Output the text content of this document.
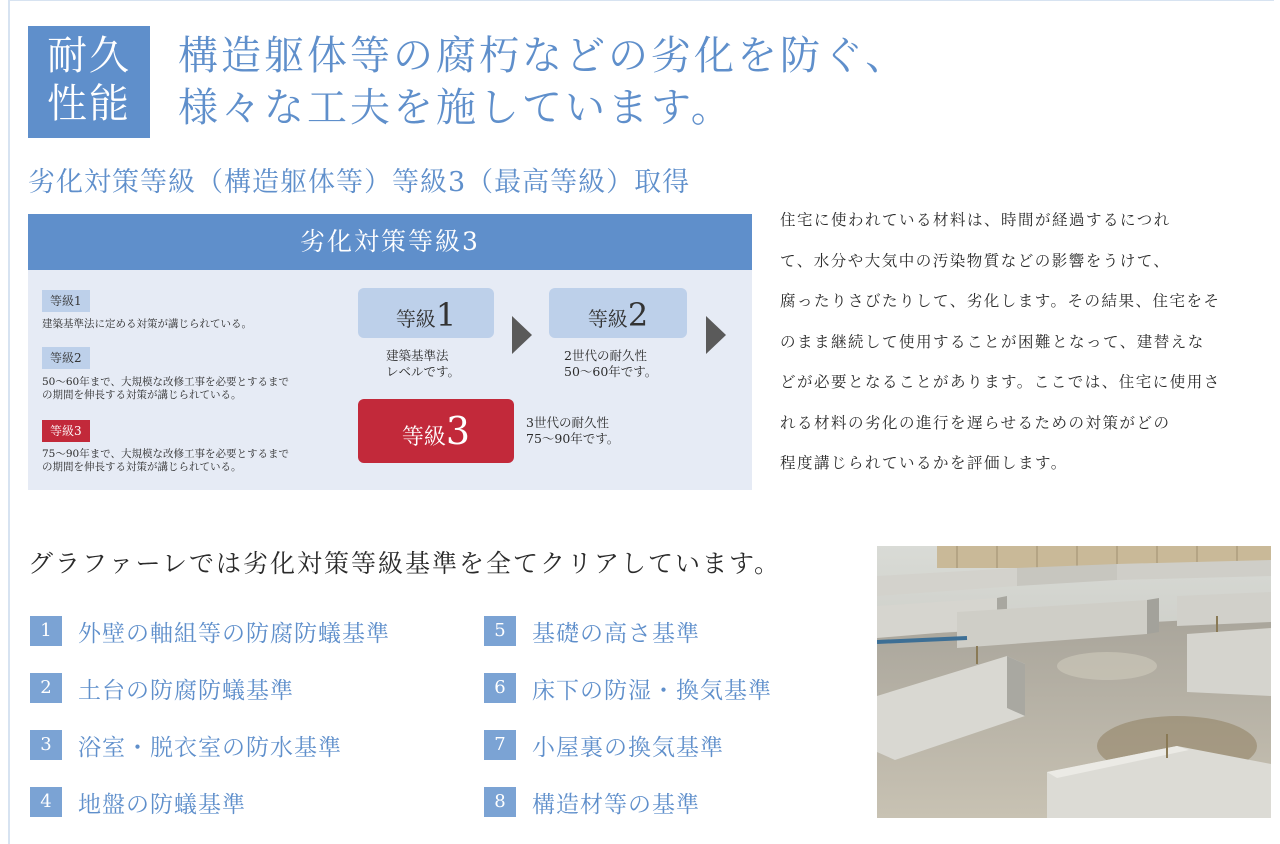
耐久
性能
構造躯体等の腐朽などの劣化を防ぐ、
様々な工夫を施しています。
劣化対策等級（構造躯体等）等級3（最高等級）取得
劣化対策等級3
等級1
建築基準法に定める対策が講じられている。
等級2
50～60年まで、大規模な改修工事を必要とするまで
の期間を伸長する対策が講じられている。
等級3
75～90年まで、大規模な改修工事を必要とするまで
の期間を伸長する対策が講じられている。
等級1
建築基準法
レベルです。
等級2
2世代の耐久性
50～60年です。
等級3	3世代の耐久性
75～90年です。
住宅に使われている材料は、時間が経過するにつれ
て、水分や大気中の汚染物質などの影響をうけて、
腐ったりさびたりして、劣化します。その結果、住宅をそ
のまま継続して使用することが困難となって、建替えな
どが必要となることがあります。ここでは、住宅に使用さ
れる材料の劣化の進行を遅らせるための対策がどの
程度講じられているかを評価します。
グラファーレでは劣化対策等級基準を全てクリアしています。
1	外壁の軸組等の防腐防蟻基準
2	土台の防腐防蟻基準
3	浴室・脱衣室の防水基準
4	地盤の防蟻基準
5	基礎の高さ基準
6	床下の防湿・換気基準
7	小屋裏の換気基準
8	構造材等の基準
